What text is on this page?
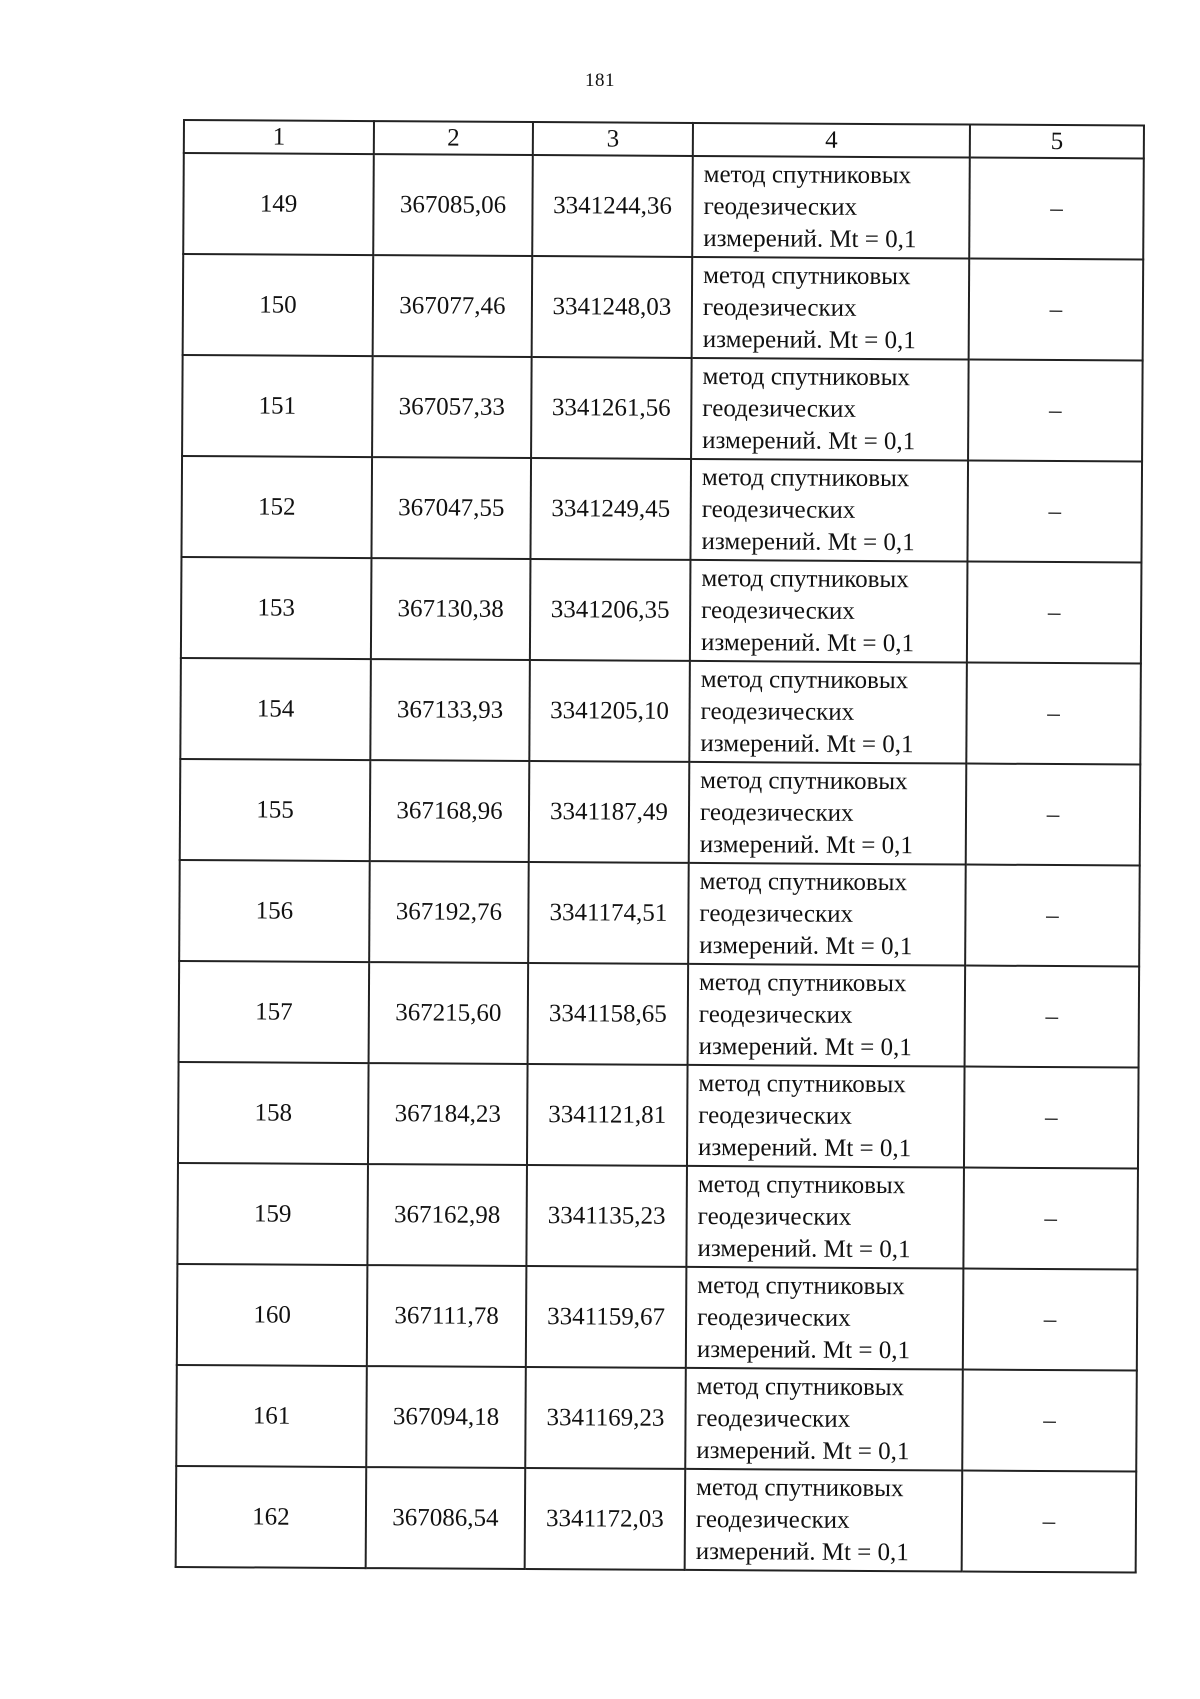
181
1	2	3	4	5
149	367085,06	3341244,36	метод спутниковых
геодезических
измерений. Mt = 0,1	–
150	367077,46	3341248,03	метод спутниковых
геодезических
измерений. Mt = 0,1	–
151	367057,33	3341261,56	метод спутниковых
геодезических
измерений. Mt = 0,1	–
152	367047,55	3341249,45	метод спутниковых
геодезических
измерений. Mt = 0,1	–
153	367130,38	3341206,35	метод спутниковых
геодезических
измерений. Mt = 0,1	–
154	367133,93	3341205,10	метод спутниковых
геодезических
измерений. Mt = 0,1	–
155	367168,96	3341187,49	метод спутниковых
геодезических
измерений. Mt = 0,1	–
156	367192,76	3341174,51	метод спутниковых
геодезических
измерений. Mt = 0,1	–
157	367215,60	3341158,65	метод спутниковых
геодезических
измерений. Mt = 0,1	–
158	367184,23	3341121,81	метод спутниковых
геодезических
измерений. Mt = 0,1	–
159	367162,98	3341135,23	метод спутниковых
геодезических
измерений. Mt = 0,1	–
160	367111,78	3341159,67	метод спутниковых
геодезических
измерений. Mt = 0,1	–
161	367094,18	3341169,23	метод спутниковых
геодезических
измерений. Mt = 0,1	–
162	367086,54	3341172,03	метод спутниковых
геодезических
измерений. Mt = 0,1	–
